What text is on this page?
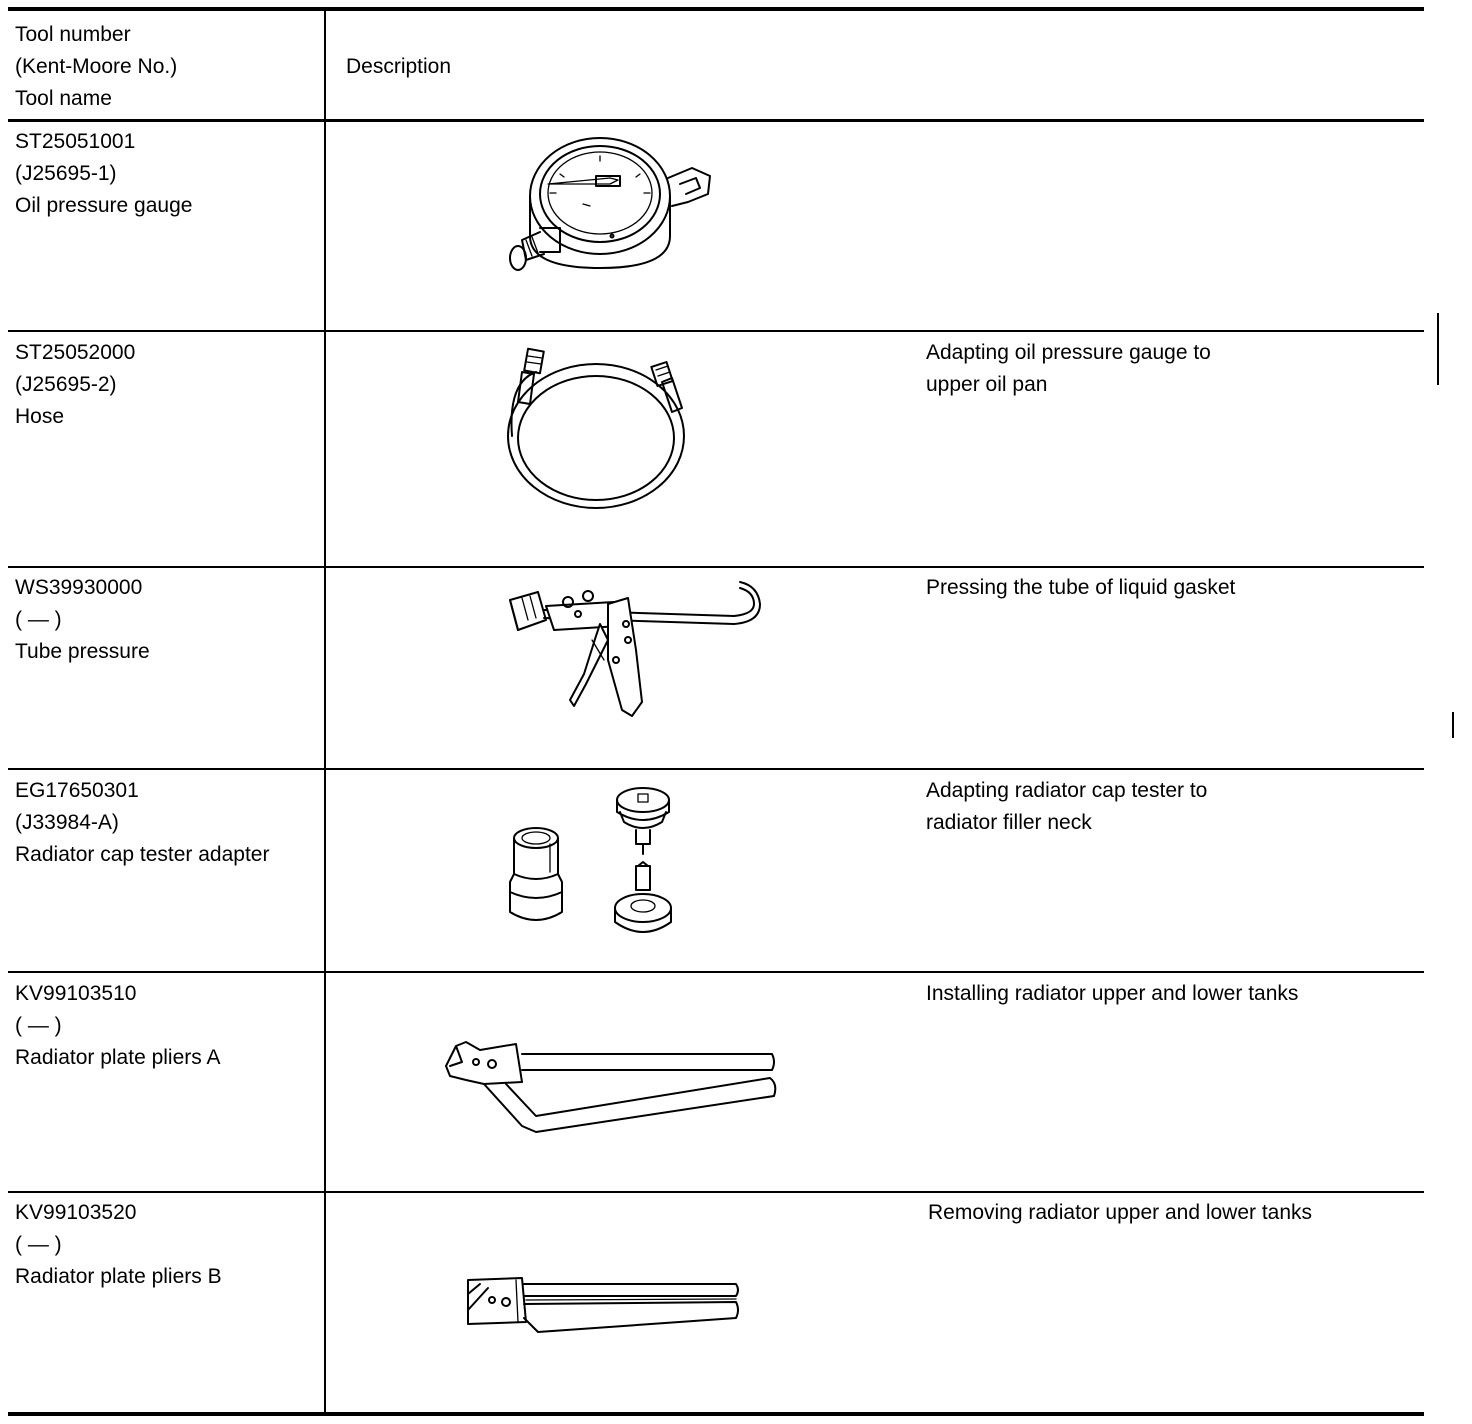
Tool number
(Kent-Moore No.)
Tool name
Description
ST25051001
(J25695-1)
Oil pressure gauge
ST25052000
(J25695-2)
Hose
Adapting oil pressure gauge to
upper oil pan
WS39930000
( — )
Tube pressure
Pressing the tube of liquid gasket
EG17650301
(J33984-A)
Radiator cap tester adapter
Adapting radiator cap tester to
radiator filler neck
KV99103510
( — )
Radiator plate pliers A
Installing radiator upper and lower tanks
KV99103520
( — )
Radiator plate pliers B
Removing radiator upper and lower tanks
